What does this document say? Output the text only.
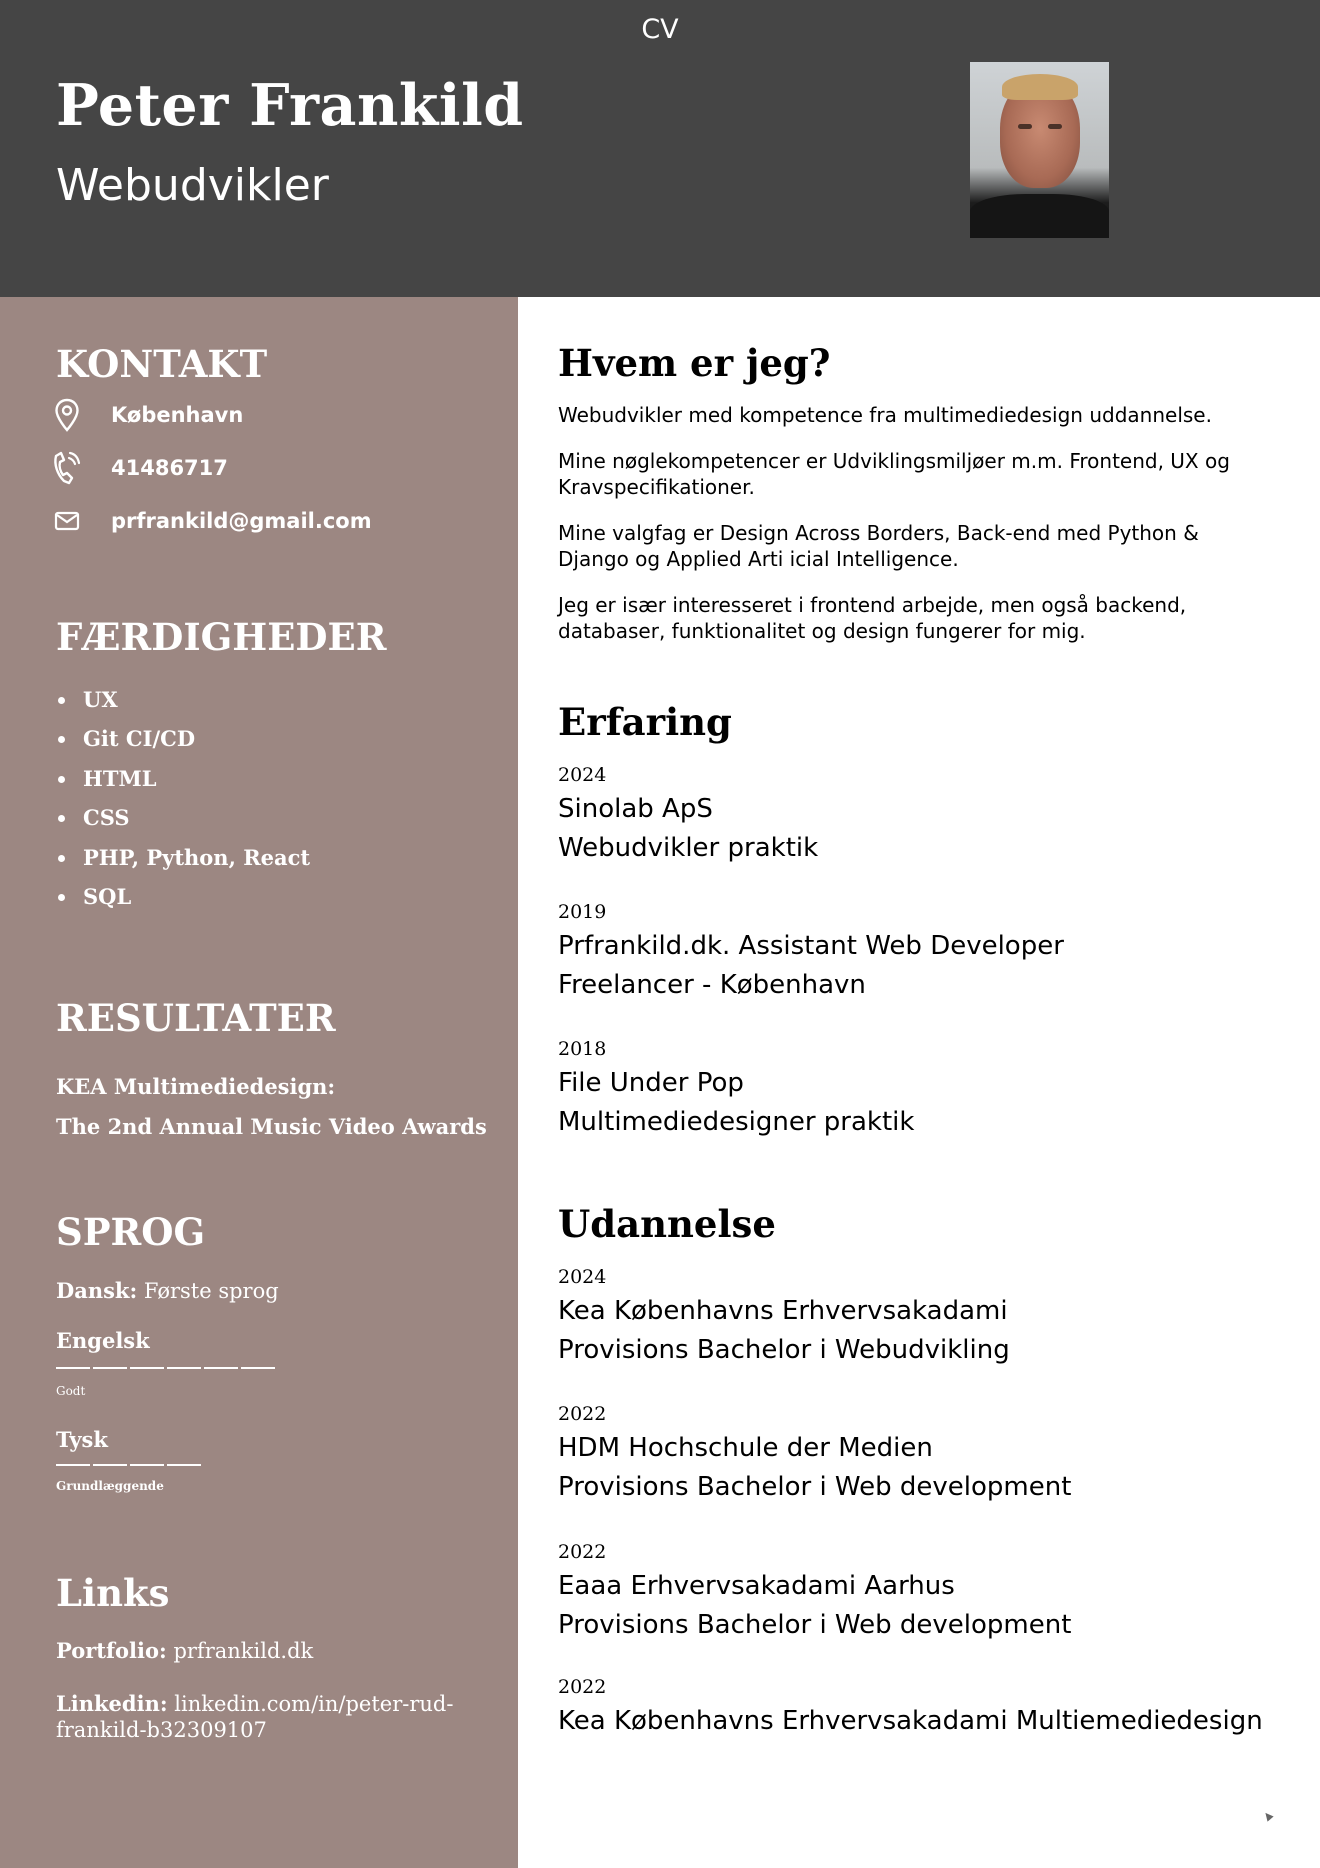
CV
Peter Frankild
Webudvikler
KONTAKT
København
41486717
prfrankild@gmail.com
FÆRDIGHEDER
UX
Git CI/CD
HTML
CSS
PHP, Python, React
SQL
RESULTATER
KEA Multimediedesign:
The 2nd Annual Music Video Awards
SPROG
Dansk: Første sprog
Engelsk
Godt
Tysk
Grundlæggende
Links
Portfolio: prfrankild.dk
Linkedin: linkedin.com/in/peter-rud-frankild-b32309107
Hvem er jeg?

Webudvikler med kompetence fra multimediedesign uddannelse.

Mine nøglekompetencer er Udviklingsmiljøer m.m. Frontend, UX og Kravspecifikationer.

Mine valgfag er Design Across Borders, Back-end med Python & Django og Applied Arti icial Intelligence.

Jeg er især interesseret i frontend arbejde, men også backend, databaser, funktionalitet og design fungerer for mig.

Erfaring
2024
Sinolab ApS
Webudvikler praktik
2019
Prfrankild.dk. Assistant Web Developer
Freelancer - København
2018
File Under Pop
Multimediedesigner praktik
Udannelse
2024
Kea Københavns Erhvervsakadami
Provisions Bachelor i Webudvikling
2022
HDM Hochschule der Medien
Provisions Bachelor i Web development
2022
Eaaa Erhvervsakadami Aarhus
Provisions Bachelor i Web development
2022
Kea Københavns Erhvervsakadami Multiemediedesign
